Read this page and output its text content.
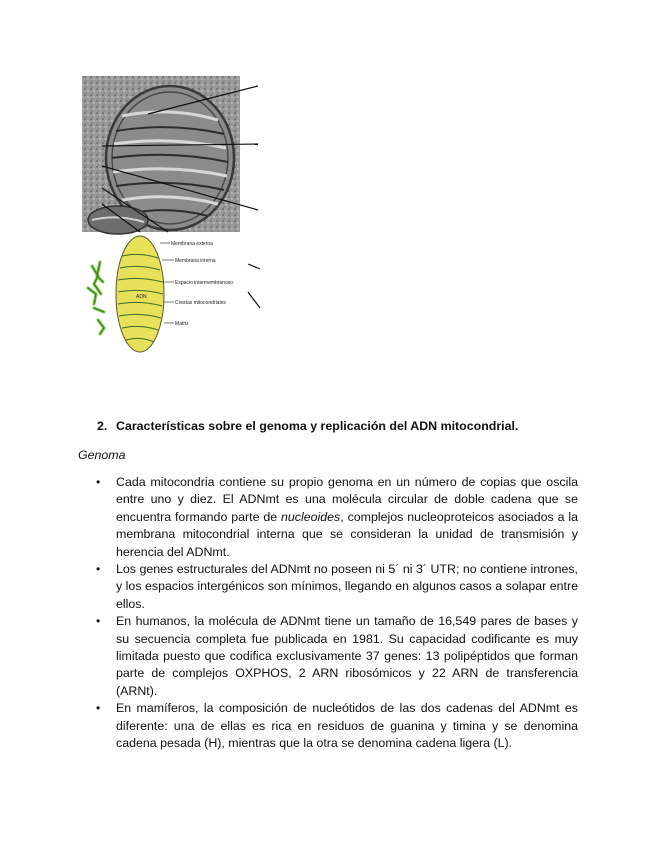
Membrana externa
Membrana interna
Espacio intermembranoso
Crestas mitocondriales
Matriz
ADN
2. Características sobre el genoma y replicación del ADN mitocondrial.
Genoma
• Cada mitocondria contiene su propio genoma en un número de copias que oscila entre uno y diez. El ADNmt es una molécula circular de doble cadena que se encuentra formando parte de nucleoides, complejos nucleoproteicos asociados a la membrana mitocondrial interna que se consideran la unidad de transmisión y herencia del ADNmt.
• Los genes estructurales del ADNmt no poseen ni 5´ ni 3´ UTR; no contiene intrones, y los espacios intergénicos son mínimos, llegando en algunos casos a solapar entre ellos.
• En humanos, la molécula de ADNmt tiene un tamaño de 16,549 pares de bases y su secuencia completa fue publicada en 1981. Su capacidad codificante es muy limitada puesto que codifica exclusivamente 37 genes: 13 polipéptidos que forman parte de complejos OXPHOS, 2 ARN ribosómicos y 22 ARN de transferencia (ARNt).
• En mamíferos, la composición de nucleótidos de las dos cadenas del ADNmt es diferente: una de ellas es rica en residuos de guanina y timina y se denomina cadena pesada (H), mientras que la otra se denomina cadena ligera (L).
